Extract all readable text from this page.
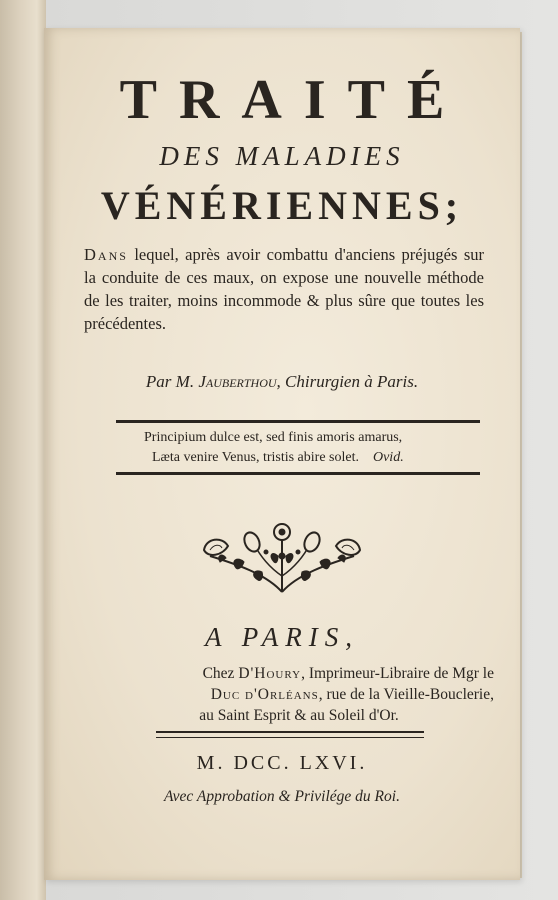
TRAITÉ
DES MALADIES
VÉNÉRIENNES;
Dans lequel, après avoir combattu d'anciens préjugés sur la conduite de ces maux, on expose une nouvelle méthode de les traiter, moins incommode & plus sûre que toutes les précédentes.
Par M. Jauberthou, Chirurgien à Paris.
Principium dulce est, sed finis amoris amarus,
Læta venire Venus, tristis abire solet. Ovid.
A PARIS,
Chez D'Houry, Imprimeur-Libraire de Mgr le
Duc d'Orléans, rue de la Vieille-Bouclerie,
au Saint Esprit & au Soleil d'Or.
M. DCC. LXVI.
Avec Approbation & Privilége du Roi.
